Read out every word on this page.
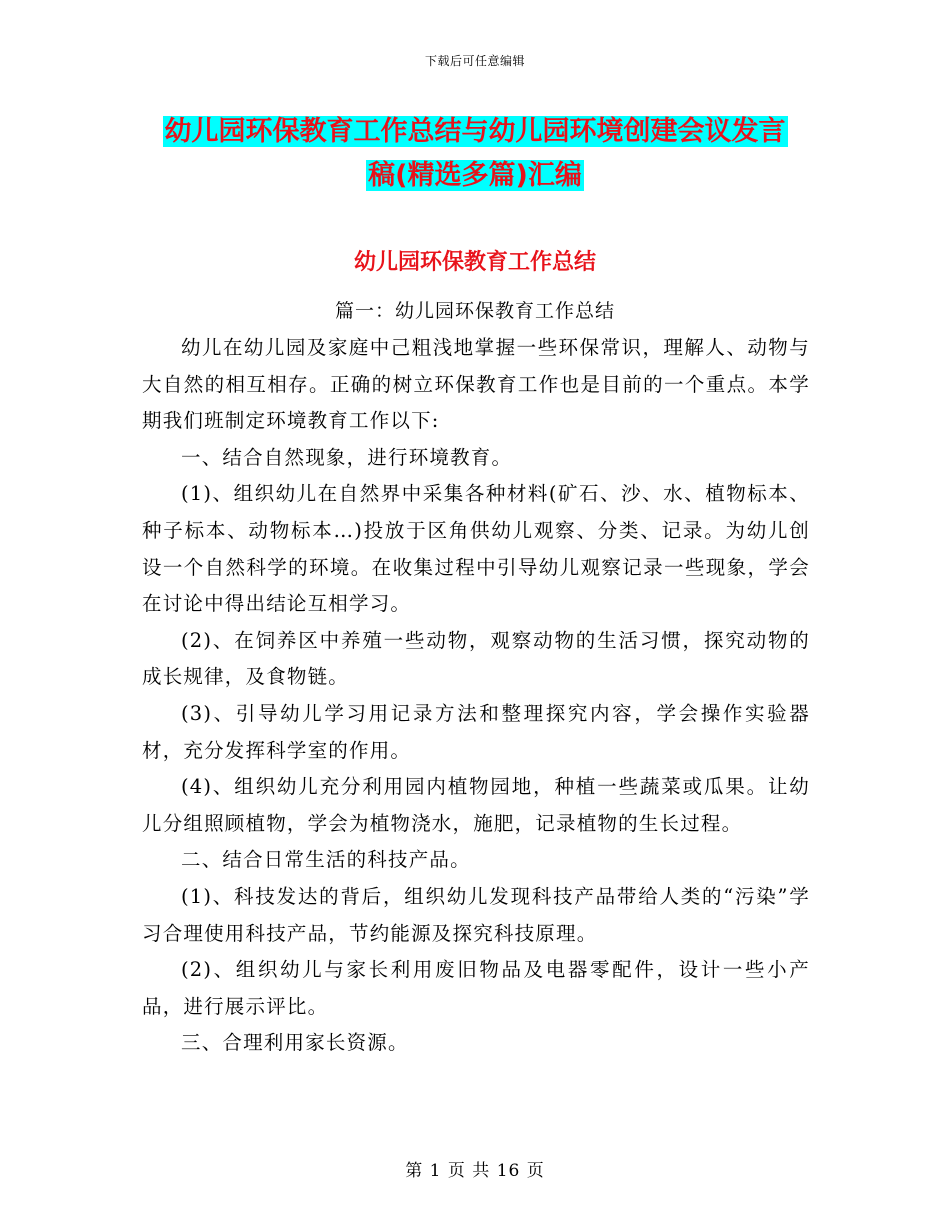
下载后可任意编辑
幼儿园环保教育工作总结与幼儿园环境创建会议发言
稿(精选多篇)汇编
幼儿园环保教育工作总结
篇一：幼儿园环保教育工作总结

幼儿在幼儿园及家庭中己粗浅地掌握一些环保常识，理解人、动物与大自然的相互相存。正确的树立环保教育工作也是目前的一个重点。本学期我们班制定环境教育工作以下:

一、结合自然现象，进行环境教育。

(1)、组织幼儿在自然界中采集各种材料(矿石、沙、水、植物标本、种子标本、动物标本…)投放于区角供幼儿观察、分类、记录。为幼儿创设一个自然科学的环境。在收集过程中引导幼儿观察记录一些现象，学会在讨论中得出结论互相学习。

(2)、在饲养区中养殖一些动物，观察动物的生活习惯，探究动物的成长规律，及食物链。

(3)、引导幼儿学习用记录方法和整理探究内容，学会操作实验器材，充分发挥科学室的作用。

(4)、组织幼儿充分利用园内植物园地，种植一些蔬菜或瓜果。让幼儿分组照顾植物，学会为植物浇水，施肥，记录植物的生长过程。

二、结合日常生活的科技产品。

(1)、科技发达的背后，组织幼儿发现科技产品带给人类的“污染”学习合理使用科技产品，节约能源及探究科技原理。

(2)、组织幼儿与家长利用废旧物品及电器零配件，设计一些小产品，进行展示评比。

三、合理利用家长资源。

第 1 页 共 16 页
